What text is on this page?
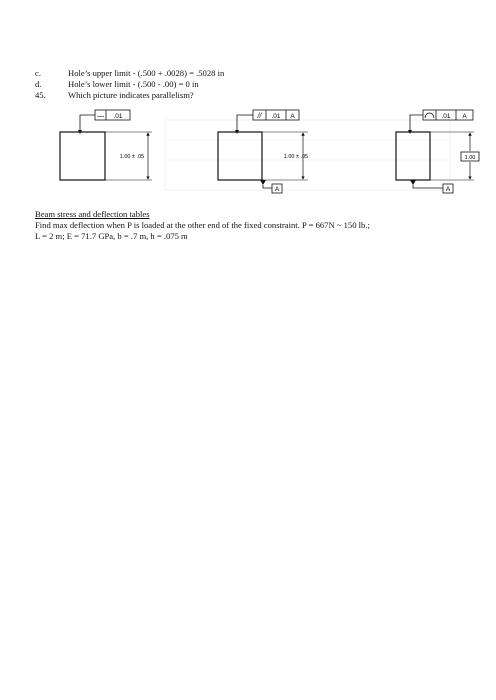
c.	Hole’s upper limit - (.500 + .0028) = .5028 in
d.	Hole’s lower limit - (.500 - .00) = 0 in
45.	Which picture indicates parallelism?
— .01
1.00 ± .05
// .01 A
1.00 ± .05
A
.01 A
1.00
A
Beam stress and deflection tables
Find max deflection when P is loaded at the other end of the fixed constraint. P = 667N ~ 150 lb.;
L = 2 m; E = 71.7 GPa, b = .7 m, h = .075 m
